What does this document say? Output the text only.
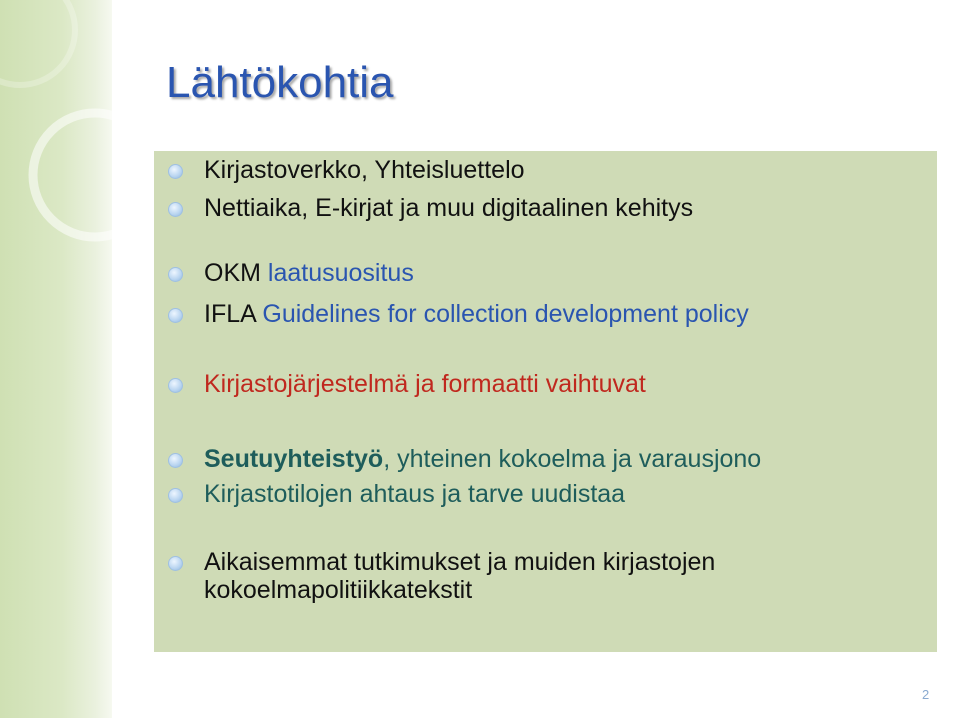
Lähtökohtia
Kirjastoverkko, Yhteisluettelo
Nettiaika, E-kirjat ja muu digitaalinen kehitys
OKM laatusuositus
IFLA Guidelines for collection development policy
Kirjastojärjestelmä ja formaatti vaihtuvat
Seutuyhteistyö, yhteinen kokoelma ja varausjono
Kirjastotilojen ahtaus ja tarve uudistaa
Aikaisemmat tutkimukset ja muiden kirjastojen
kokoelmapolitiikkatekstit
2
